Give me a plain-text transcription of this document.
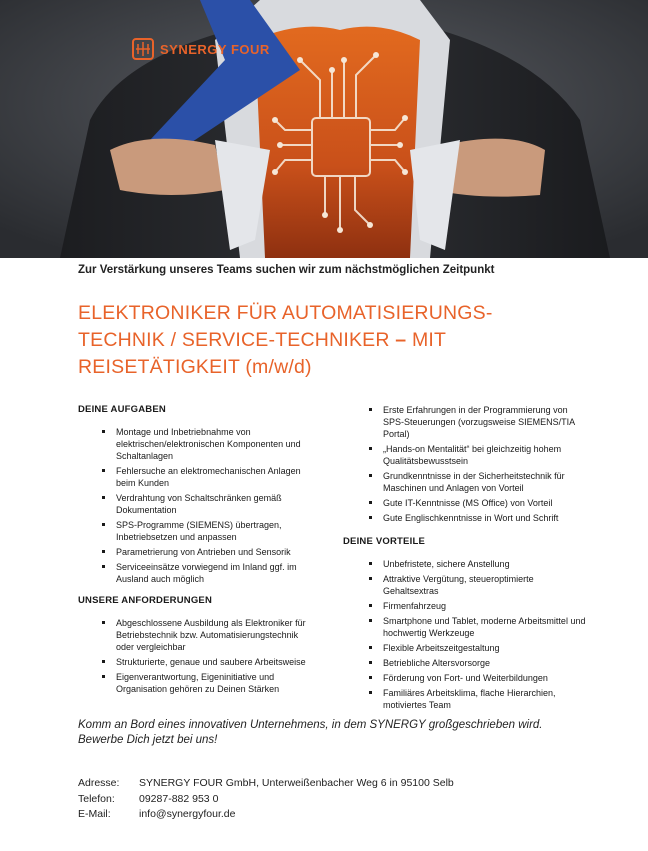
SYNERGY FOUR
Zur Verstärkung unseres Teams suchen wir zum nächstmöglichen Zeitpunkt
ELEKTRONIKER FÜR AUTOMATISIERUNGS-
TECHNIK / SERVICE-TECHNIKER – MIT
REISETÄTIGKEIT (m/w/d)
DEINE AUFGABEN
Montage und Inbetriebnahme von elektrischen/elektronischen Komponenten und Schaltanlagen
Fehlersuche an elektromechanischen Anlagen beim Kunden
Verdrahtung von Schaltschränken gemäß Dokumentation
SPS-Programme (SIEMENS) übertragen, Inbetriebsetzen und anpassen
Parametrierung von Antrieben und Sensorik
Serviceeinsätze vorwiegend im Inland ggf. im Ausland auch möglich
UNSERE ANFORDERUNGEN
Abgeschlossene Ausbildung als Elektroniker für Betriebstechnik bzw. Automatisierungstechnik oder vergleichbar
Strukturierte, genaue und saubere Arbeitsweise
Eigenverantwortung, Eigeninitiative und Organisation gehören zu Deinen Stärken
Erste Erfahrungen in der Programmierung von SPS-Steuerungen (vorzugsweise SIEMENS/TIA Portal)
„Hands-on Mentalität“ bei gleichzeitig hohem Qualitätsbewusstsein
Grundkenntnisse in der Sicherheitstechnik für Maschinen und Anlagen von Vorteil
Gute IT-Kenntnisse (MS Office) von Vorteil
Gute Englischkenntnisse in Wort und Schrift
DEINE VORTEILE
Unbefristete, sichere Anstellung
Attraktive Vergütung, steueroptimierte Gehaltsextras
Firmenfahrzeug
Smartphone und Tablet, moderne Arbeitsmittel und hochwertig Werkzeuge
Flexible Arbeitszeitgestaltung
Betriebliche Altersvorsorge
Förderung von Fort- und Weiterbildungen
Familiäres Arbeitsklima, flache Hierarchien, motiviertes Team
Komm an Bord eines innovativen Unternehmens, in dem SYNERGY großgeschrieben wird.
Bewerbe Dich jetzt bei uns!
Adresse:	SYNERGY FOUR GmbH, Unterweißenbacher Weg 6 in 95100 Selb
Telefon:	09287-882 953 0
E-Mail:	info@synergyfour.de
